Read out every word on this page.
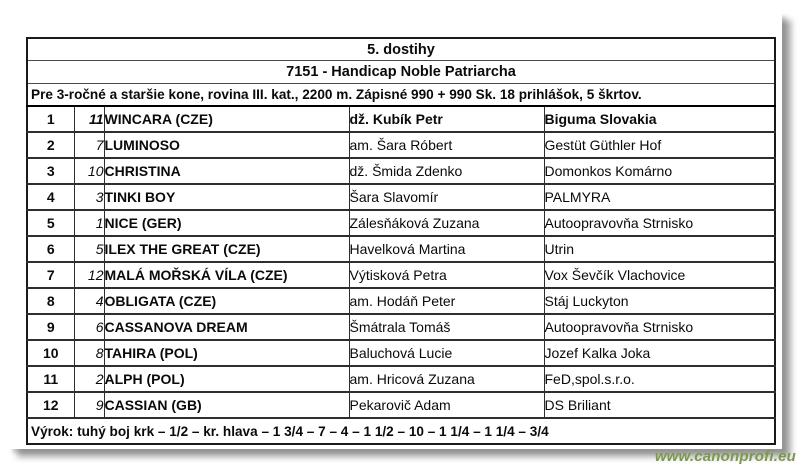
5. dostihy				
7151 - Handicap Noble Patriarcha				
Pre 3-ročné a staršie kone, rovina III. kat., 2200 m. Zápisné 990 + 990 Sk. 18 prihlášok, 5 škrtov.				
1	11	WINCARA (CZE)	dž. Kubík Petr	Biguma Slovakia
2	7	LUMINOSO	am. Šara Róbert	Gestüt Güthler Hof
3	10	CHRISTINA	dž. Šmida Zdenko	Domonkos Komárno
4	3	TINKI BOY	Šara Slavomír	PALMYRA
5	1	NICE (GER)	Zálesňáková Zuzana	Autoopravovňa Strnisko
6	5	ILEX THE GREAT (CZE)	Havelková Martina	Utrin
7	12	MALÁ MOŘSKÁ VÍLA (CZE)	Výtisková Petra	Vox Ševčík Vlachovice
8	4	OBLIGATA (CZE)	am. Hodáň Peter	Stáj Luckyton
9	6	CASSANOVA DREAM	Šmátrala Tomáš	Autoopravovňa Strnisko
10	8	TAHIRA (POL)	Baluchová Lucie	Jozef Kalka Joka
11	2	ALPH (POL)	am. Hricová Zuzana	FeD,spol.s.r.o.
12	9	CASSIAN (GB)	Pekarovič Adam	DS Briliant
Výrok: tuhý boj krk – 1/2 – kr. hlava – 1 3/4 – 7 – 4 – 1 1/2 – 10 – 1 1/4 – 1 1/4 – 3/4				
www.canonprofi.eu
